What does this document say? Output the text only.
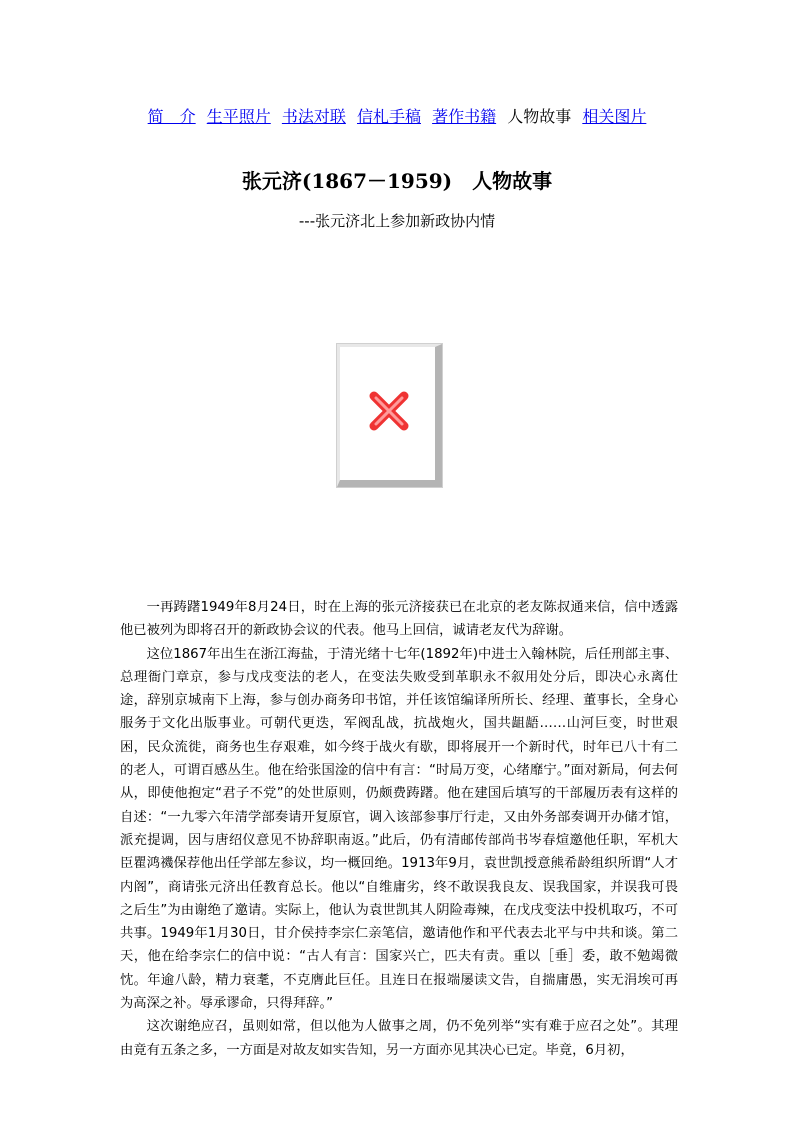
简　介 生平照片 书法对联 信札手稿 著作书籍 人物故事 相关图片
张元济(1867－1959)　人物故事
---张元济北上参加新政协内情

一再踌躇1949年8月24日，时在上海的张元济接获已在北京的老友陈叔通来信，信中透露他已被列为即将召开的新政协会议的代表。他马上回信，诚请老友代为辞谢。

这位1867年出生在浙江海盐，于清光绪十七年(1892年)中进士入翰林院，后任刑部主事、总理衙门章京，参与戊戌变法的老人，在变法失败受到革职永不叙用处分后，即决心永离仕途，辞别京城南下上海，参与创办商务印书馆，并任该馆编译所所长、经理、董事长，全身心服务于文化出版事业。可朝代更迭，军阀乱战，抗战炮火，国共龃龉……山河巨变，时世艰困，民众流徙，商务也生存艰难，如今终于战火有歇，即将展开一个新时代，时年已八十有二的老人，可谓百感丛生。他在给张国淦的信中有言：“时局万变，心绪靡宁。”面对新局，何去何从，即使他抱定“君子不党”的处世原则，仍颇费踌躇。他在建国后填写的干部履历表有这样的自述：“一九零六年清学部奏请开复原官，调入该部参事厅行走，又由外务部奏调开办储才馆，派充提调，因与唐绍仪意见不协辞职南返。”此后，仍有清邮传部尚书岑春煊邀他任职，军机大臣瞿鸿禨保荐他出任学部左参议，均一概回绝。1913年9月，袁世凯授意熊希龄组织所谓“人才内阁”，商请张元济出任教育总长。他以“自维庸劣，终不敢误我良友、误我国家，并误我可畏之后生”为由谢绝了邀请。实际上，他认为袁世凯其人阴险毒辣，在戊戌变法中投机取巧，不可共事。1949年1月30日，甘介侯持李宗仁亲笔信，邀请他作和平代表去北平与中共和谈。第二天，他在给李宗仁的信中说：“古人有言：国家兴亡，匹夫有责。重以［垂］委，敢不勉竭微忱。年逾八龄，精力衰耄，不克膺此巨任。且连日在报端屡读文告，自揣庸愚，实无涓埃可再为高深之补。辱承谬命，只得拜辞。”

这次谢绝应召，虽则如常，但以他为人做事之周，仍不免列举“实有难于应召之处”。其理由竟有五条之多，一方面是对故友如实告知，另一方面亦见其决心已定。毕竟，6月初，
